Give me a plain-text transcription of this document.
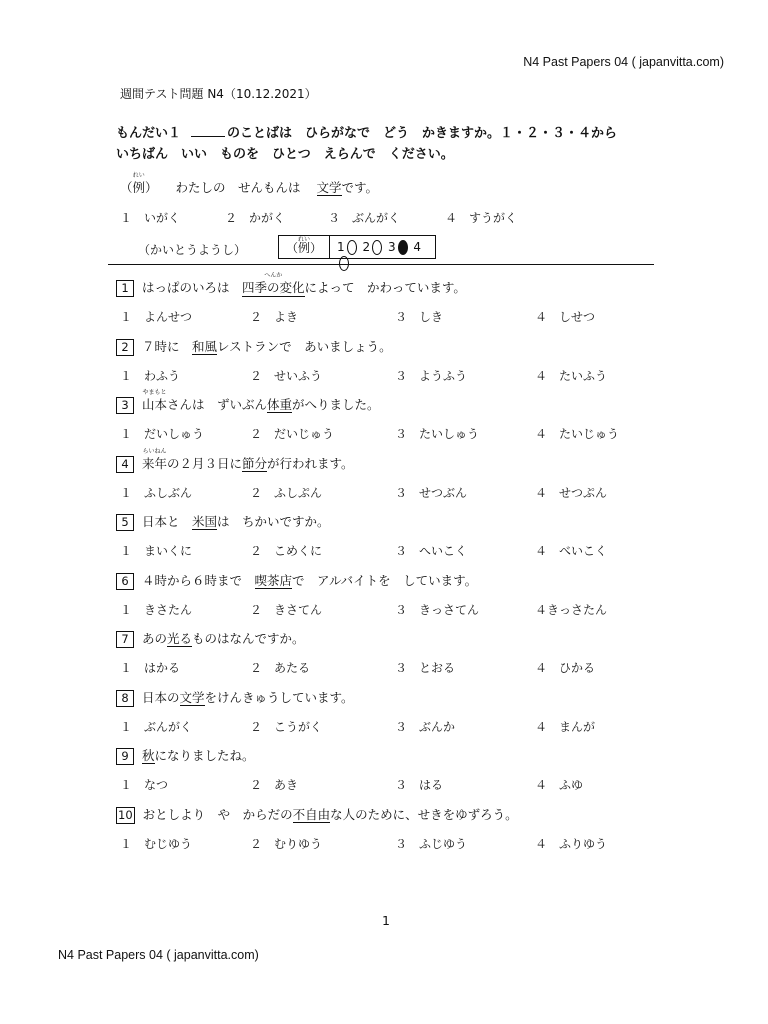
N4 Past Papers 04 ( japanvitta.com)
週間テスト問題 N4（10.12.2021）
もんだい１	のことばは　ひらがなで　どう　かきますか。１・２・３・４から
いちばん　いい　ものを　ひとつ　えらんで　ください。
れい
（例） わたしの　せんもんは 文学です。
１　いがく	２　かがく	３　ぶんがく	４　すうがく
（かいとうようし）
れい
（例）	1 2 3 4
1 はっぱのいろは　
へんか
四季の変化によって　かわっています。
１　よんせつ	２　よき	３　しき	４　しせつ
2 ７時に　和風レストランで　あいましょう。
１　わふう	２　せいふう	３　ようふう	４　たいふう
3
やまもと
山本さんは　ずいぶん体重がへりました。
１　だいしゅう	２　だいじゅう	３　たいしゅう	４　たいじゅう
4
らいねん
来年の２月３日に節分が行われます。
１　ふしぶん	２　ふしぷん	３　せつぶん	４　せつぷん
5 日本と　米国は　ちかいですか。
１　まいくに	２　こめくに	３　へいこく	４　べいこく
6 ４時から６時まで　喫茶店で　アルバイトを　しています。
１　きさたん	２　きさてん	３　きっさてん	４きっさたん
7 あの光るものはなんですか。
１　はかる	２　あたる	３　とおる	４　ひかる
8 日本の文学をけんきゅうしています。
１　ぶんがく	２　こうがく	３　ぶんか	４　まんが
9 秋になりましたね。
１　なつ	２　あき	３　はる	４　ふゆ
10 おとしより　や　からだの不自由な人のために、せきをゆずろう。
１　むじゆう	２　むりゆう	３　ふじゆう	４　ふりゆう
1
N4 Past Papers 04 ( japanvitta.com)
